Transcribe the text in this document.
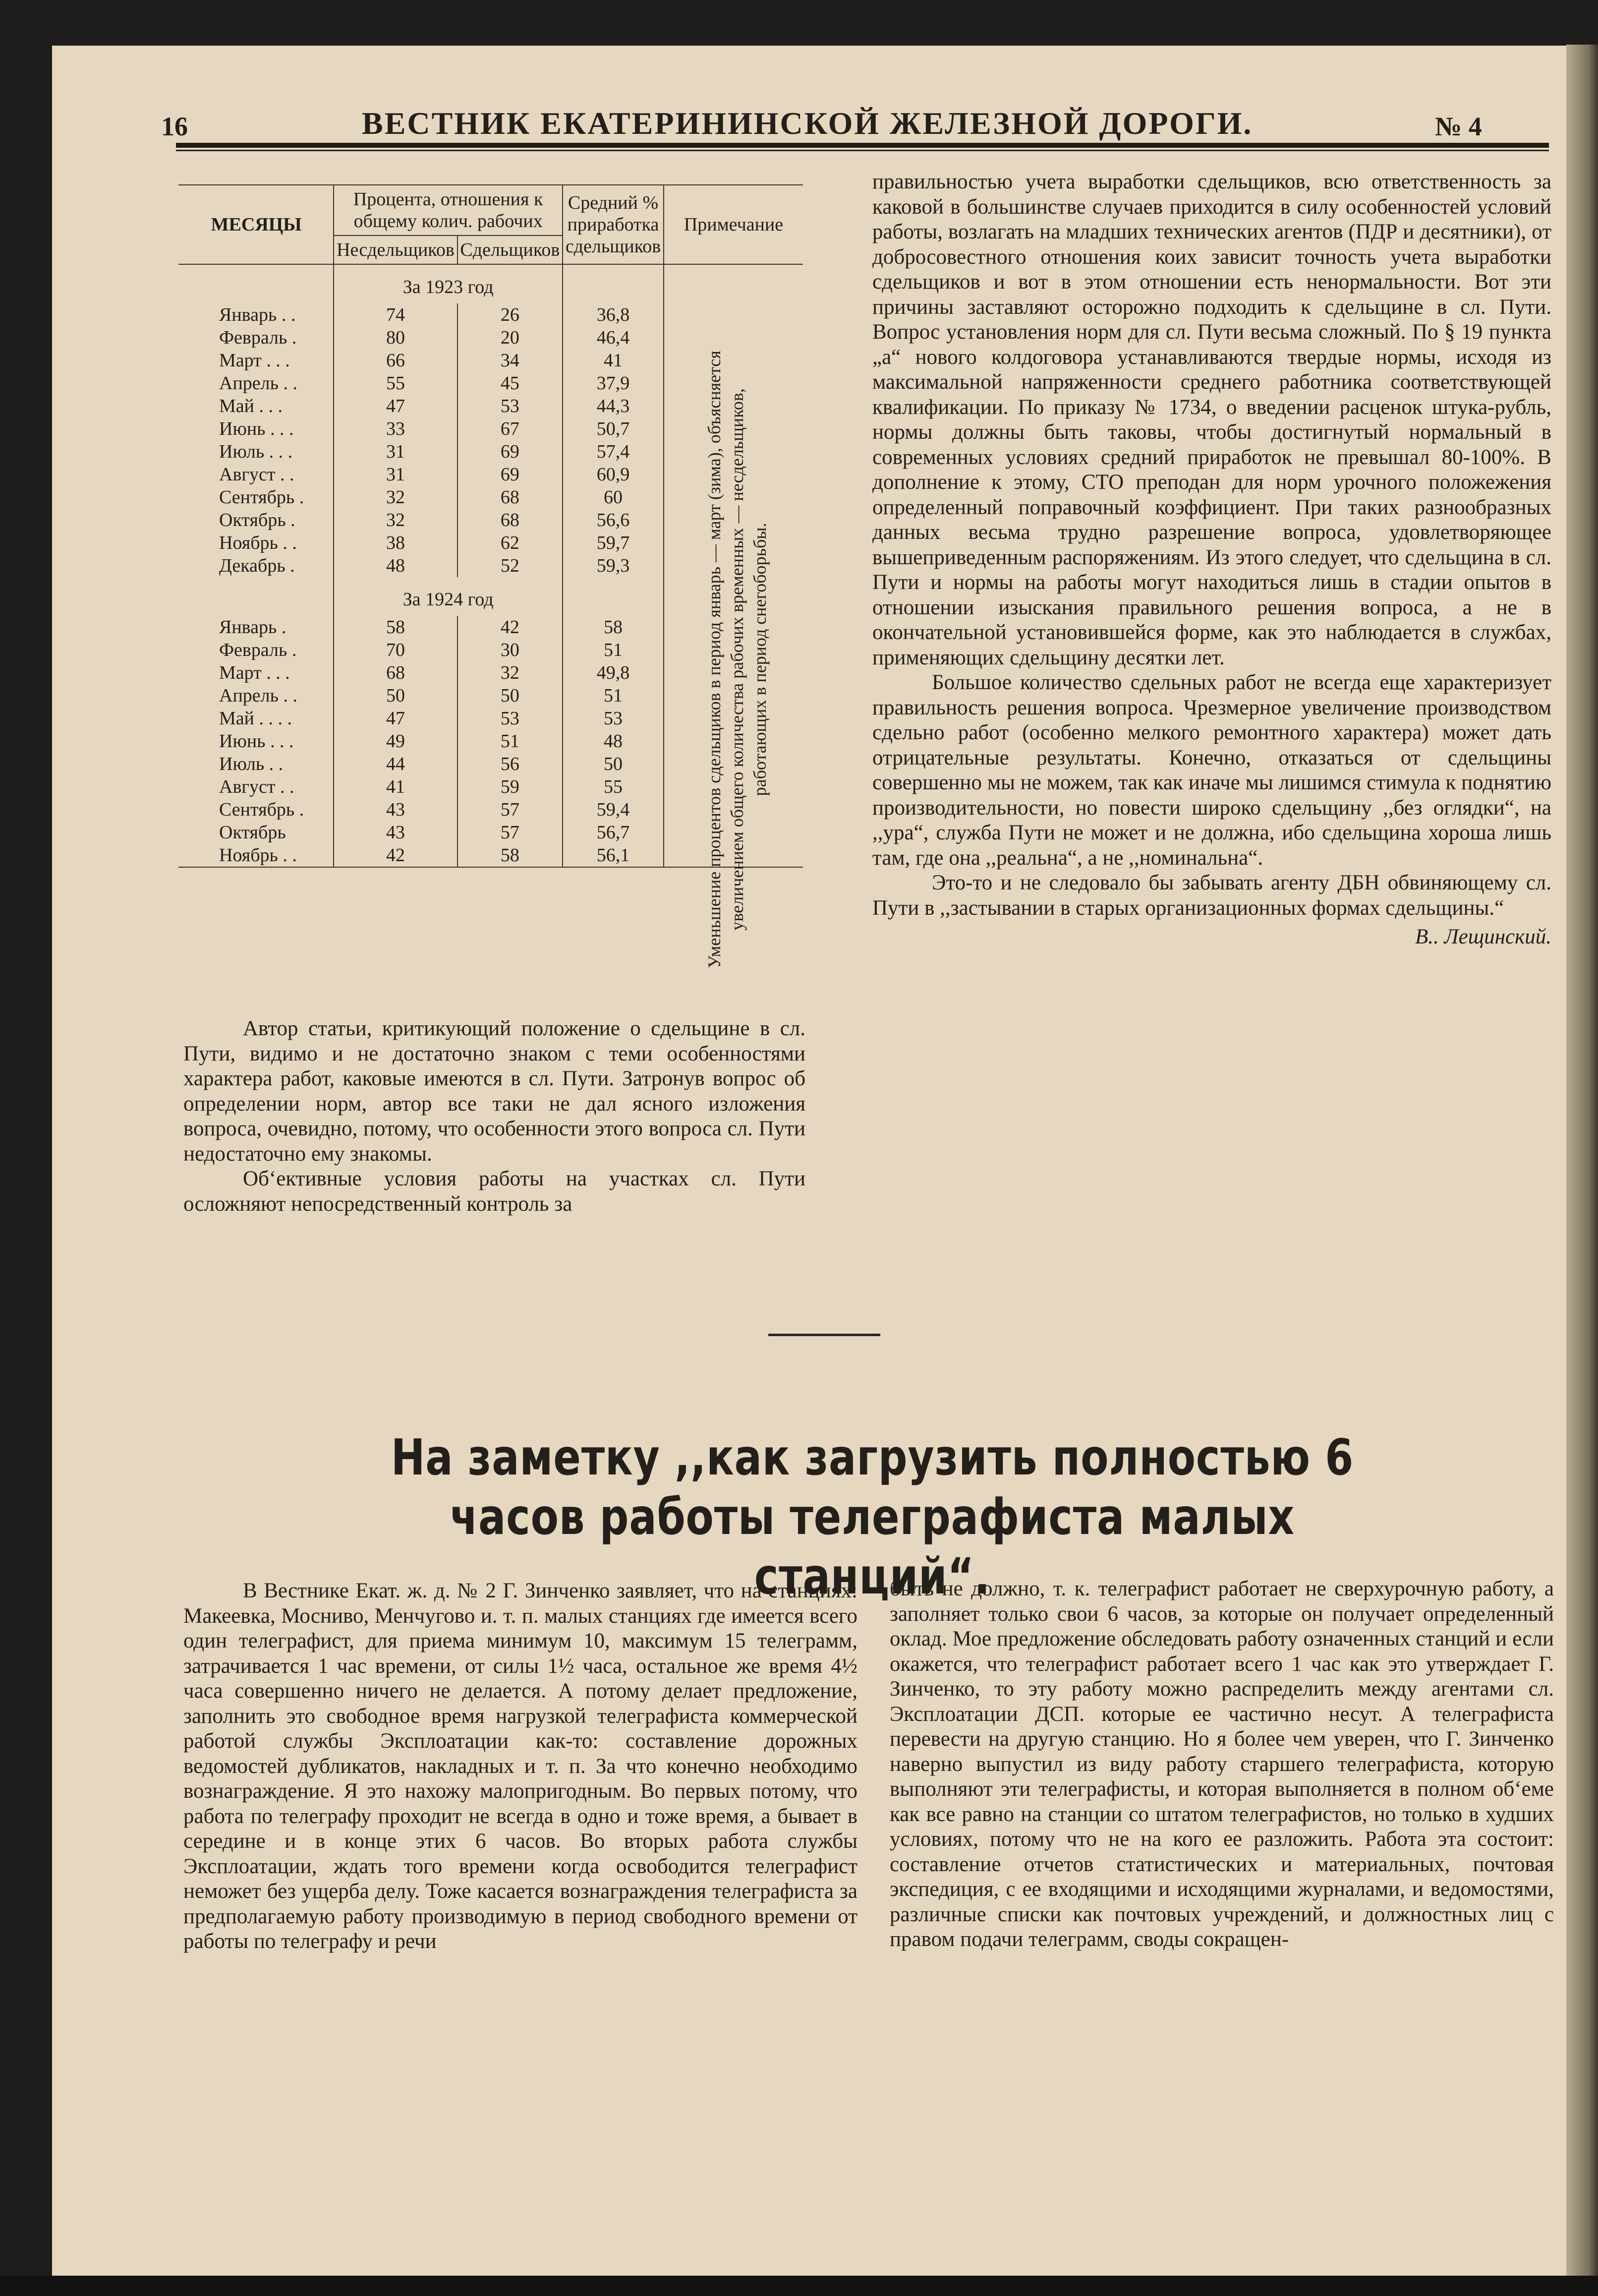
16	ВЕСТНИК ЕКАТЕРИНИНСКОЙ ЖЕЛЕЗНОЙ ДОРОГИ.	№ 4
МЕСЯЦЫ	Процента, отношения к общему колич. рабочих		Средний % приработка сдельщиков	Примечание
	Несдельщиков	Сдельщиков		
	За 1923 год			
Январь . .	74	26	36,8	
Февраль .	80	20	46,4	
Март . . .	66	34	41	
Апрель . .	55	45	37,9	
Май . . .	47	53	44,3	
Июнь . . .	33	67	50,7	
Июль . . .	31	69	57,4	
Август . .	31	69	60,9	
Сентябрь .	32	68	60	
Октябрь .	32	68	56,6	
Ноябрь . .	38	62	59,7	
Декабрь .	48	52	59,3	
	За 1924 год			
Январь .	58	42	58	
Февраль .	70	30	51	
Март . . .	68	32	49,8	
Апрель . .	50	50	51	
Май . . . .	47	53	53	
Июнь . . .	49	51	48	
Июль . .	44	56	50	
Август . .	41	59	55	
Сентябрь .	43	57	59,4	
Октябрь	43	57	56,7	
Ноябрь . .	42	58	56,1		Уменьшение процентов сдельщиков в период январь — март (зима), объясняется увеличением общего количества рабочих временных — несдельщиков, работающих в период снегоборьбы.

Автор статьи, критикующий положение о сдельщине в сл. Пути, видимо и не достаточно знаком с теми особенностями характера работ, каковые имеются в сл. Пути. Затронув вопрос об определении норм, автор все таки не дал ясного изложения вопроса, очевидно, потому, что особенности этого вопроса сл. Пути недостаточно ему знакомы.

Об‘ективные условия работы на участках сл. Пути осложняют непосредственный контроль за

правильностью учета выработки сдельщиков, всю ответственность за каковой в большинстве случаев приходится в силу особенностей условий работы, возлагать на младших технических агентов (ПДР и десятники), от добросовестного отношения коих зависит точность учета выработки сдельщиков и вот в этом отношении есть ненормальности. Вот эти причины заставляют осторожно подходить к сдельщине в сл. Пути. Вопрос установления норм для сл. Пути весьма сложный. По § 19 пункта „а“ нового колдоговора устанавливаются твердые нормы, исходя из максимальной напряженности среднего работника соответствующей квалификации. По приказу № 1734, о введении расценок штука-рубль, нормы должны быть таковы, чтобы достигнутый нормальный в современных условиях средний приработок не превышал 80-100%. В дополнение к этому, СТО преподан для норм урочного положежения определенный поправочный коэффициент. При таких разнообразных данных весьма трудно разрешение вопроса, удовлетворяющее вышеприведенным распоряжениям. Из этого следует, что сдельщина в сл. Пути и нормы на работы могут находиться лишь в стадии опытов в отношении изыскания правильного решения вопроса, а не в окончательной установившейся форме, как это наблюдается в службах, применяющих сдельщину десятки лет.

Большое количество сдельных работ не всегда еще характеризует правильность решения вопроса. Чрезмерное увеличение производством сдельно работ (особенно мелкого ремонтного характера) может дать отрицательные результаты. Конечно, отказаться от сдельщины совершенно мы не можем, так как иначе мы лишимся стимула к поднятию производительности, но повести широко сдельщину ,,без оглядки“, на ,,ура“, служба Пути не может и не должна, ибо сдельщина хороша лишь там, где она ,,реальна“, а не ,,номинальна“.

Это-то и не следовало бы забывать агенту ДБН обвиняющему сл. Пути в ,,застывании в старых организационных формах сдельщины.“

В.. Лещинский.
На заметку ,,как загрузить полностью 6 часов работы телеграфиста малых станций“.

В Вестнике Екат. ж. д. № 2 Г. Зинченко заявляет, что на станциях: Макеевка, Мосниво, Менчугово и. т. п. малых станциях где имеется всего один телеграфист, для приема минимум 10, максимум 15 телеграмм, затрачивается 1 час времени, от силы 1½ часа, остальное же время 4½ часа совершенно ничего не делается. А потому делает предложение, заполнить это свободное время нагрузкой телеграфиста коммерческой работой службы Эксплоатации как-то: составление дорожных ведомостей дубликатов, накладных и т. п. За что конечно необходимо вознаграждение. Я это нахожу малопригодным. Во первых потому, что работа по телеграфу проходит не всегда в одно и тоже время, а бывает в середине и в конце этих 6 часов. Во вторых работа службы Эксплоатации, ждать того времени когда освободится телеграфист неможет без ущерба делу. Тоже касается вознаграждения телеграфиста за предполагаемую работу производимую в период свободного времени от работы по телеграфу и речи

быть не должно, т. к. телеграфист работает не сверхурочную работу, а заполняет только свои 6 часов, за которые он получает определенный оклад. Мое предложение обследовать работу означенных станций и если окажется, что телеграфист работает всего 1 час как это утверждает Г. Зинченко, то эту работу можно распределить между агентами сл. Эксплоатации ДСП. которые ее частично несут. А телеграфиста перевести на другую станцию. Но я более чем уверен, что Г. Зинченко наверно выпустил из виду работу старшего телеграфиста, которую выполняют эти телеграфисты, и которая выполняется в полном об‘еме как все равно на станции со штатом телеграфистов, но только в худших условиях, потому что не на кого ее разложить. Работа эта состоит: составление отчетов статистических и материальных, почтовая экспедиция, с ее входящими и исходящими журналами, и ведомостями, различные списки как почтовых учреждений, и должностных лиц с правом подачи телеграмм, своды сокращен-
